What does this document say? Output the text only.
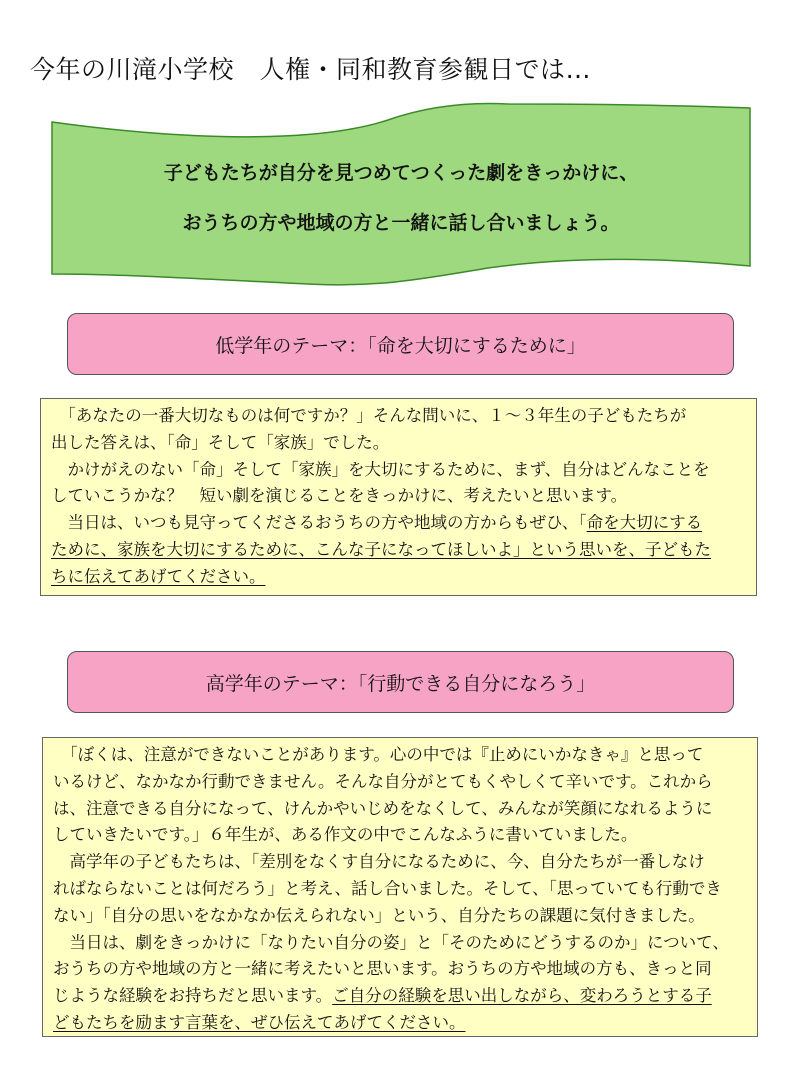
今年の川滝小学校　人権・同和教育参観日では…
子どもたちが自分を見つめてつくった劇をきっかけに、
おうちの方や地域の方と一緒に話し合いましょう。
低学年のテーマ：「命を大切にするために」
　「あなたの一番大切なものは何ですか？」そんな問いに、１～３年生の子どもたちが
出した答えは、「命」そして「家族」でした。
　かけがえのない「命」そして「家族」を大切にするために、まず、自分はどんなことを
していこうかな？　短い劇を演じることをきっかけに、考えたいと思います。
　当日は、いつも見守ってくださるおうちの方や地域の方からもぜひ、「命を大切にする
ために、家族を大切にするために、こんな子になってほしいよ」という思いを、子どもた
ちに伝えてあげてください。
高学年のテーマ：「行動できる自分になろう」
　「ぼくは、注意ができないことがあります。心の中では『止めにいかなきゃ』と思って
いるけど、なかなか行動できません。そんな自分がとてもくやしくて辛いです。これから
は、注意できる自分になって、けんかやいじめをなくして、みんなが笑顔になれるように
していきたいです。」６年生が、ある作文の中でこんなふうに書いていました。
　高学年の子どもたちは、「差別をなくす自分になるために、今、自分たちが一番しなけ
ればならないことは何だろう」と考え、話し合いました。そして、「思っていても行動でき
ない」「自分の思いをなかなか伝えられない」という、自分たちの課題に気付きました。
　当日は、劇をきっかけに「なりたい自分の姿」と「そのためにどうするのか」について、
おうちの方や地域の方と一緒に考えたいと思います。おうちの方や地域の方も、きっと同
じような経験をお持ちだと思います。ご自分の経験を思い出しながら、変わろうとする子
どもたちを励ます言葉を、ぜひ伝えてあげてください。
